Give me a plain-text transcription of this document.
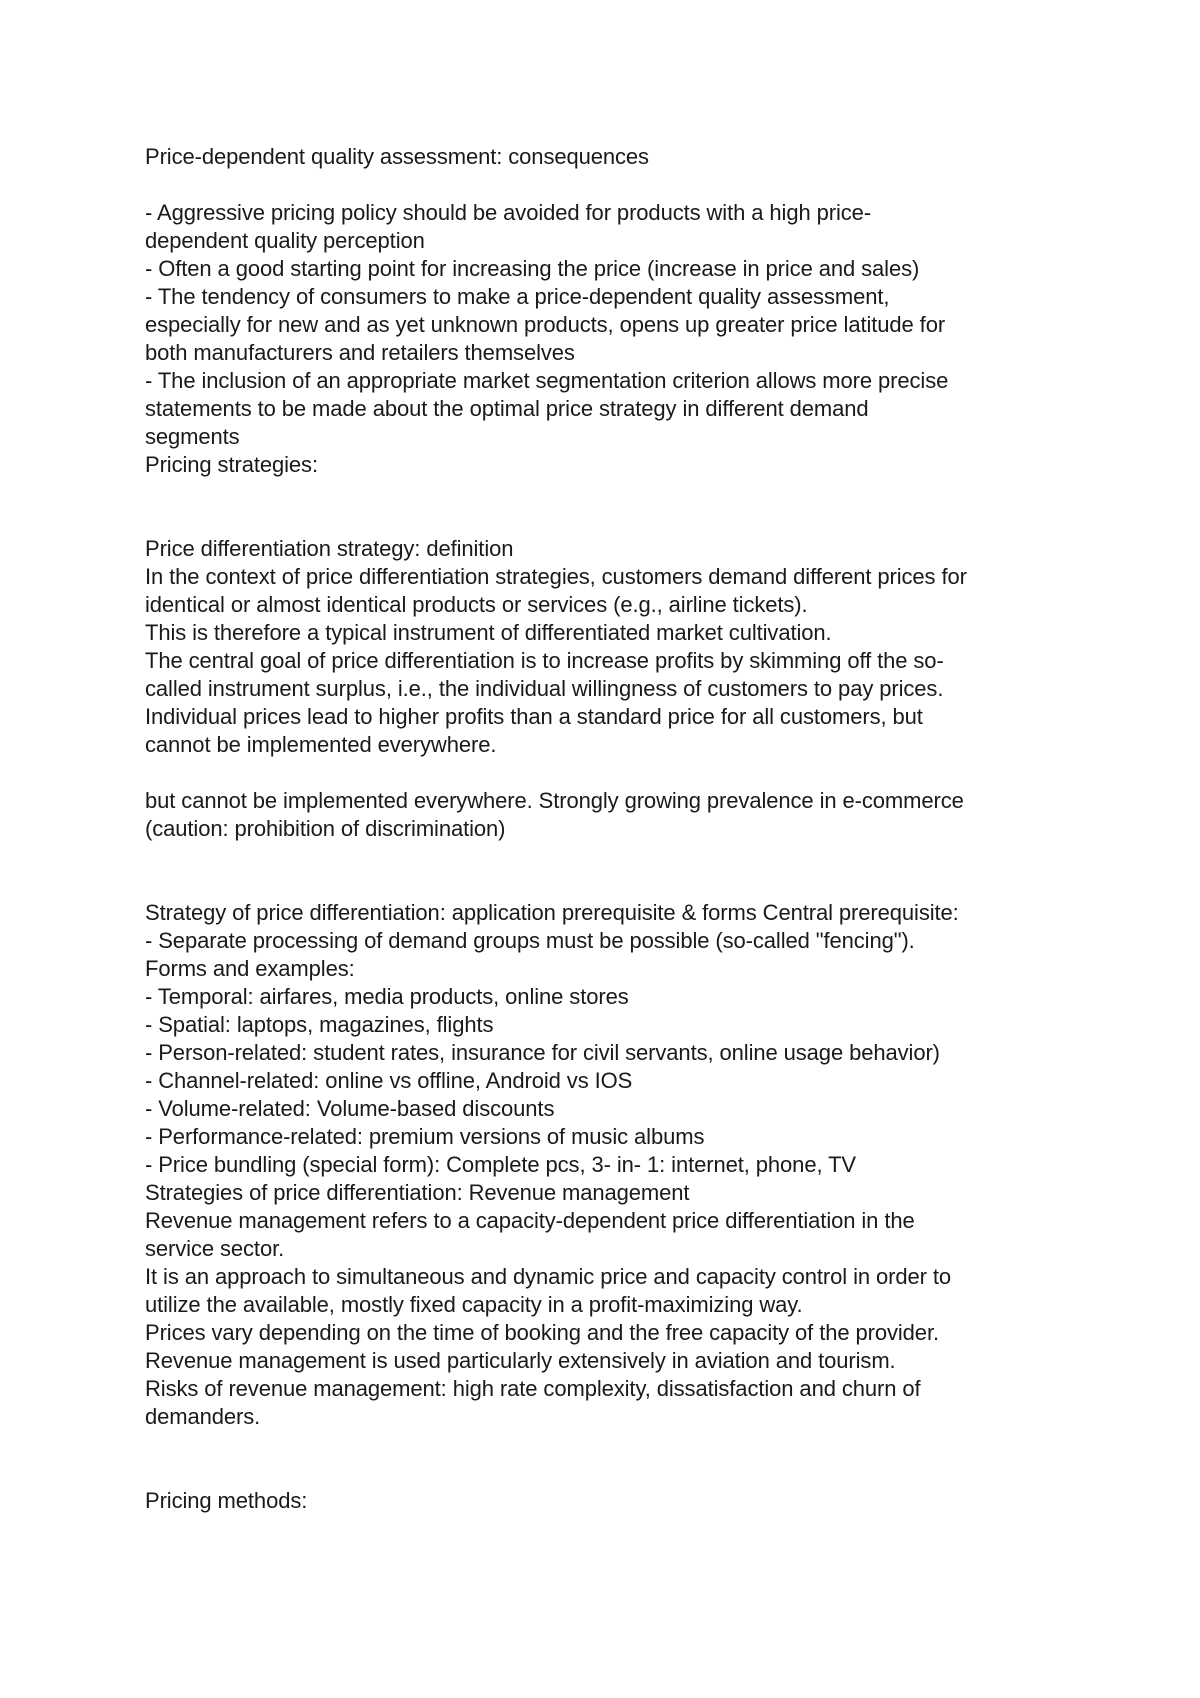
Price-dependent quality assessment: consequences
- Aggressive pricing policy should be avoided for products with a high price-
dependent quality perception
- Often a good starting point for increasing the price (increase in price and sales)
- The tendency of consumers to make a price-dependent quality assessment,
especially for new and as yet unknown products, opens up greater price latitude for
both manufacturers and retailers themselves
- The inclusion of an appropriate market segmentation criterion allows more precise
statements to be made about the optimal price strategy in different demand
segments
Pricing strategies:
Price differentiation strategy: definition
In the context of price differentiation strategies, customers demand different prices for
identical or almost identical products or services (e.g., airline tickets).
This is therefore a typical instrument of differentiated market cultivation.
The central goal of price differentiation is to increase profits by skimming off the so-
called instrument surplus, i.e., the individual willingness of customers to pay prices.
Individual prices lead to higher profits than a standard price for all customers, but
cannot be implemented everywhere.
but cannot be implemented everywhere. Strongly growing prevalence in e-commerce
(caution: prohibition of discrimination)
Strategy of price differentiation: application prerequisite & forms Central prerequisite:
- Separate processing of demand groups must be possible (so-called "fencing").
Forms and examples:
- Temporal: airfares, media products, online stores
- Spatial: laptops, magazines, flights
- Person-related: student rates, insurance for civil servants, online usage behavior)
- Channel-related: online vs offline, Android vs IOS
- Volume-related: Volume-based discounts
- Performance-related: premium versions of music albums
- Price bundling (special form): Complete pcs, 3- in- 1: internet, phone, TV
Strategies of price differentiation: Revenue management
Revenue management refers to a capacity-dependent price differentiation in the
service sector.
It is an approach to simultaneous and dynamic price and capacity control in order to
utilize the available, mostly fixed capacity in a profit-maximizing way.
Prices vary depending on the time of booking and the free capacity of the provider.
Revenue management is used particularly extensively in aviation and tourism.
Risks of revenue management: high rate complexity, dissatisfaction and churn of
demanders.
Pricing methods:
